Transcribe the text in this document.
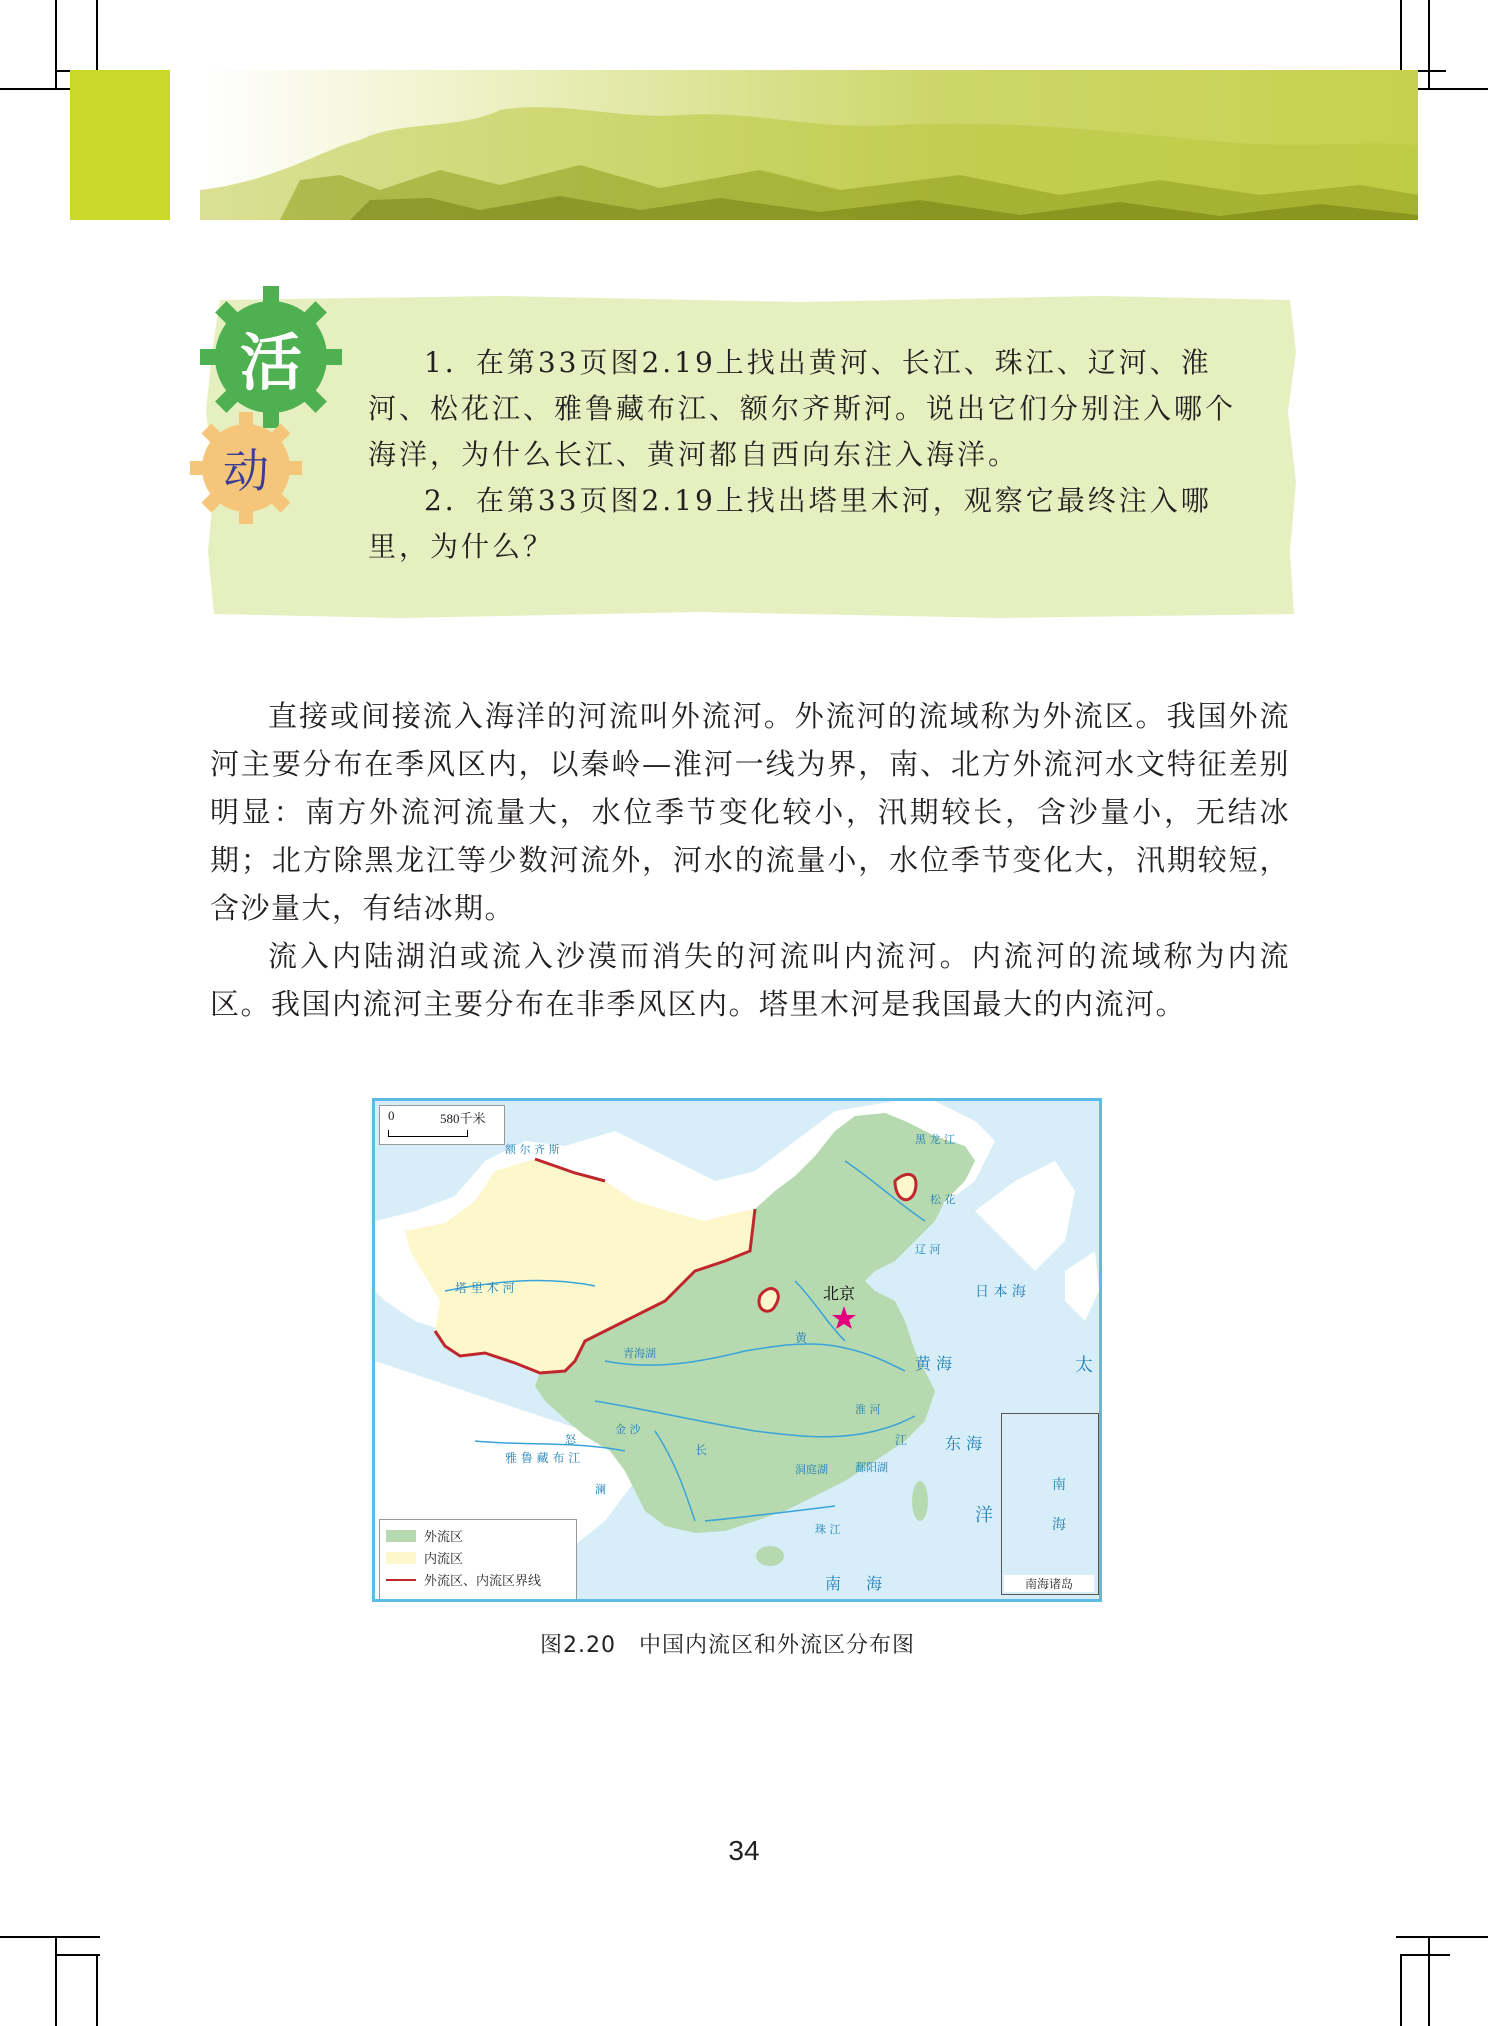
活
动

1．在第33页图2.19上找出黄河、长江、珠江、辽河、淮河、松花江、雅鲁藏布江、额尔齐斯河。说出它们分别注入哪个海洋，为什么长江、黄河都自西向东注入海洋。

2．在第33页图2.19上找出塔里木河，观察它最终注入哪里，为什么？

直接或间接流入海洋的河流叫外流河。外流河的流域称为外流区。我国外流河主要分布在季风区内，以秦岭—淮河一线为界，南、北方外流河水文特征差别明显：南方外流河流量大，水位季节变化较小，汛期较长，含沙量小，无结冰期；北方除黑龙江等少数河流外，河水的流量小，水位季节变化大，汛期较短，含沙量大，有结冰期。

流入内陆湖泊或流入沙漠而消失的河流叫内流河。内流河的流域称为内流区。我国内流河主要分布在非季风区内。塔里木河是我国最大的内流河。

0	580千米
北京
塔 里 木 河
青海湖
雅 鲁 藏 布 江
怒
金 沙
澜
黄
淮 河
长
江
珠 江
洞庭湖 鄱阳湖
黑 龙 江
松 花
辽 河
额 尔 齐 斯
日 本 海
黄 海
东 海
南 海
太
洋
南
海
南海诸岛
外流区
内流区
外流区、内流区界线
图2.20　中国内流区和外流区分布图
34
